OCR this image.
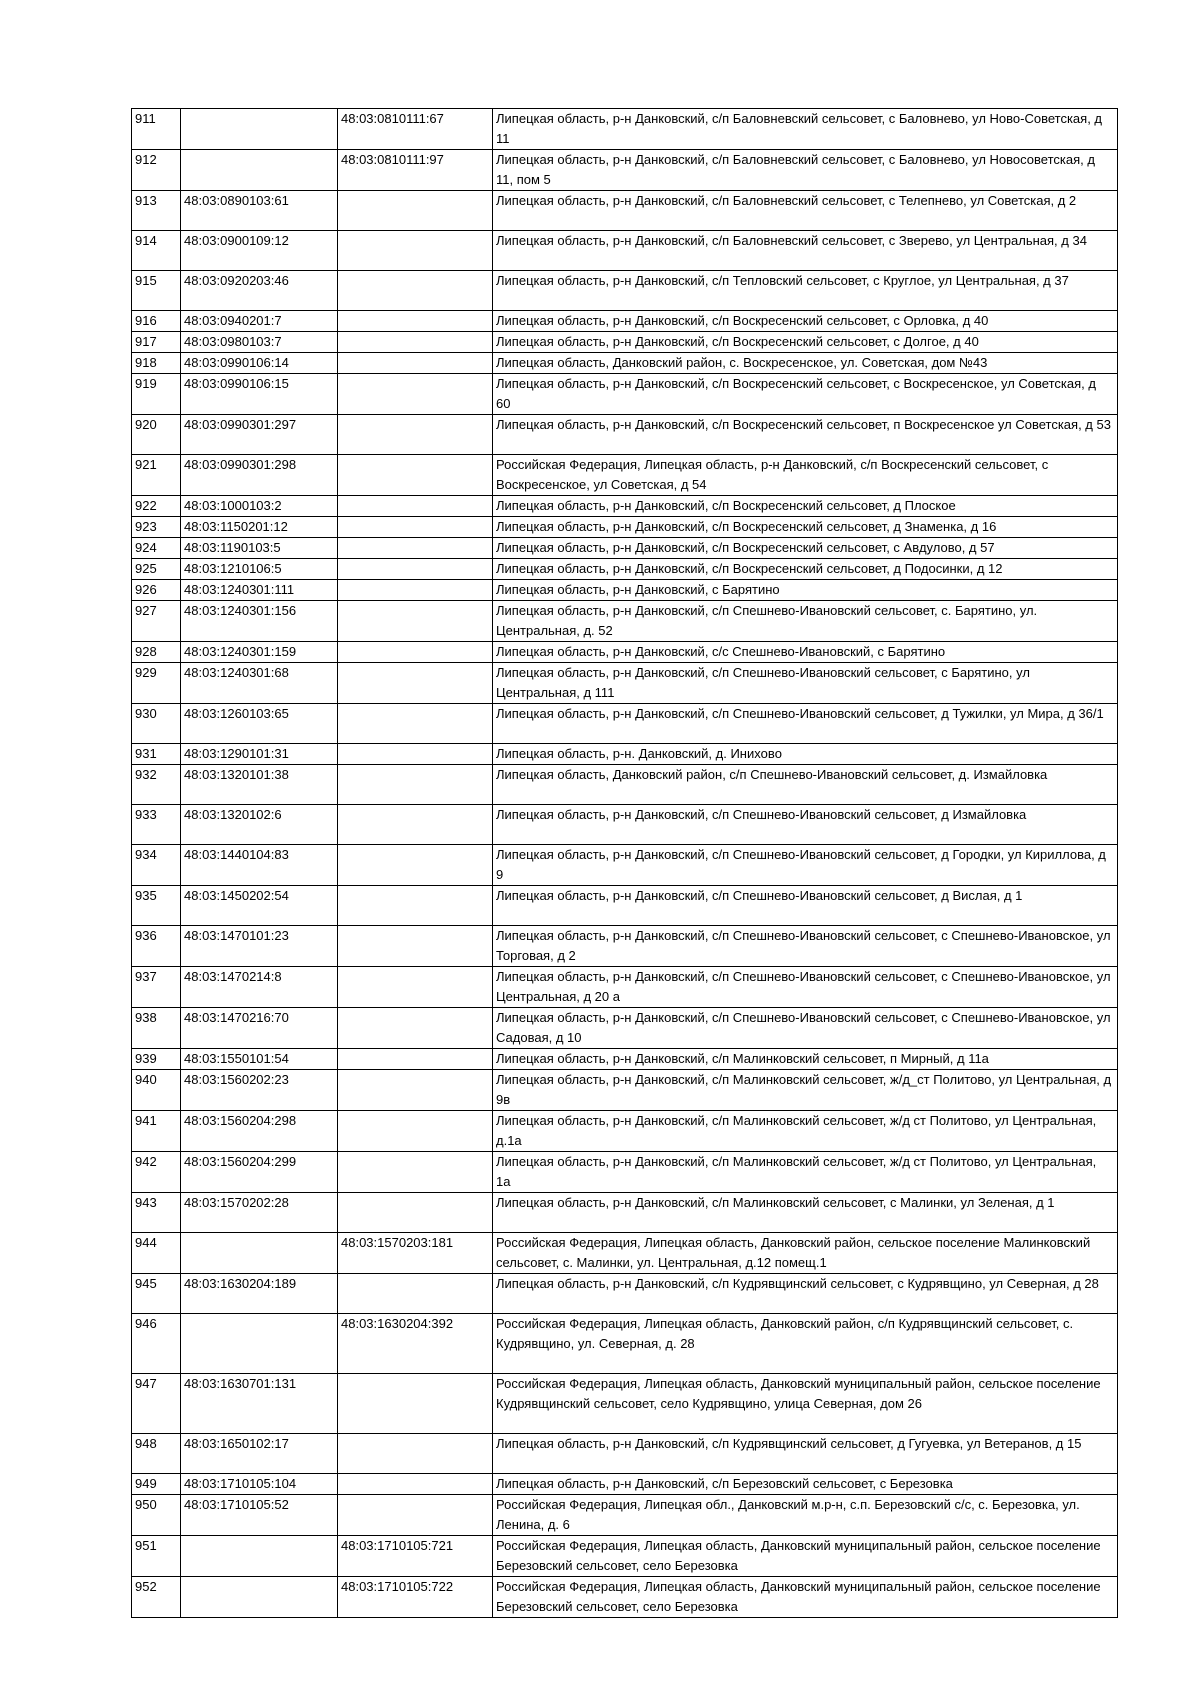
911		48:03:0810111:67	Липецкая область, р-н Данковский, с/п Баловневский сельсовет, с Баловнево, ул Ново-Советская, д 11
912		48:03:0810111:97	Липецкая область, р-н Данковский, с/п Баловневский сельсовет, с Баловнево, ул Новосоветская, д 11, пом 5
913	48:03:0890103:61		Липецкая область, р-н Данковский, с/п Баловневский сельсовет, с Телепнево, ул Советская, д 2
914	48:03:0900109:12		Липецкая область, р-н Данковский, с/п Баловневский сельсовет, с Зверево, ул Центральная, д 34
915	48:03:0920203:46		Липецкая область, р-н Данковский, с/п Тепловский сельсовет, с Круглое, ул Центральная, д 37
916	48:03:0940201:7		Липецкая область, р-н Данковский, с/п Воскресенский сельсовет, с Орловка, д 40
917	48:03:0980103:7		Липецкая область, р-н Данковский, с/п Воскресенский сельсовет, с Долгое, д 40
918	48:03:0990106:14		Липецкая область, Данковский район, с. Воскресенское, ул. Советская, дом №43
919	48:03:0990106:15		Липецкая область, р-н Данковский, с/п Воскресенский сельсовет, с Воскресенское, ул Советская, д 60
920	48:03:0990301:297		Липецкая область, р-н Данковский, с/п Воскресенский сельсовет, п Воскресенское ул Советская, д 53
921	48:03:0990301:298		Российская Федерация, Липецкая область, р-н Данковский, с/п Воскресенский сельсовет, с Воскресенское, ул Советская, д 54
922	48:03:1000103:2		Липецкая область, р-н Данковский, с/п Воскресенский сельсовет, д Плоское
923	48:03:1150201:12		Липецкая область, р-н Данковский, с/п Воскресенский сельсовет, д Знаменка, д 16
924	48:03:1190103:5		Липецкая область, р-н Данковский, с/п Воскресенский сельсовет, с Авдулово, д 57
925	48:03:1210106:5		Липецкая область, р-н Данковский, с/п Воскресенский сельсовет, д Подосинки, д 12
926	48:03:1240301:111		Липецкая область, р-н Данковский, с Барятино
927	48:03:1240301:156		Липецкая область, р-н Данковский, с/п Спешнево-Ивановский сельсовет, с. Барятино, ул. Центральная, д. 52
928	48:03:1240301:159		Липецкая область, р-н Данковский, с/с Спешнево-Ивановский, с Барятино
929	48:03:1240301:68		Липецкая область, р-н Данковский, с/п Спешнево-Ивановский сельсовет, с Барятино, ул Центральная, д 111
930	48:03:1260103:65		Липецкая область, р-н Данковский, с/п Спешнево-Ивановский сельсовет, д Тужилки, ул Мира, д 36/1
931	48:03:1290101:31		Липецкая область, р-н. Данковский, д. Иниховo
932	48:03:1320101:38		Липецкая область, Данковский район, с/п Спешнево-Ивановский сельсовет, д. Измайловка
933	48:03:1320102:6		Липецкая область, р-н Данковский, с/п Спешнево-Ивановский сельсовет, д Измайловка
934	48:03:1440104:83		Липецкая область, р-н Данковский, с/п Спешнево-Ивановский сельсовет, д Городки, ул Кириллова, д 9
935	48:03:1450202:54		Липецкая область, р-н Данковский, с/п Спешнево-Ивановский сельсовет, д Вислая, д 1
936	48:03:1470101:23		Липецкая область, р-н Данковский, с/п Спешнево-Ивановский сельсовет, с Спешнево-Ивановское, ул Торговая, д 2
937	48:03:1470214:8		Липецкая область, р-н Данковский, с/п Спешнево-Ивановский сельсовет, с Спешнево-Ивановское, ул Центральная, д 20 а
938	48:03:1470216:70		Липецкая область, р-н Данковский, с/п Спешнево-Ивановский сельсовет, с Спешнево-Ивановское, ул Садовая, д 10
939	48:03:1550101:54		Липецкая область, р-н Данковский, с/п Малинковский сельсовет, п Мирный, д 11а
940	48:03:1560202:23		Липецкая область, р-н Данковский, с/п Малинковский сельсовет, ж/д_ст Политово, ул Центральная, д 9в
941	48:03:1560204:298		Липецкая область, р-н Данковский, с/п Малинковский сельсовет, ж/д ст Политово, ул Центральная, д.1а
942	48:03:1560204:299		Липецкая область, р-н Данковский, с/п Малинковский сельсовет, ж/д ст Политово, ул Центральная, 1а
943	48:03:1570202:28		Липецкая область, р-н Данковский, с/п Малинковский сельсовет, с Малинки, ул Зеленая, д 1
944		48:03:1570203:181	Российская Федерация, Липецкая область, Данковский район, сельское поселение Малинковский сельсовет, с. Малинки, ул. Центральная, д.12 помещ.1
945	48:03:1630204:189		Липецкая область, р-н Данковский, с/п Кудрявщинский сельсовет, с Кудрявщино, ул Северная, д 28
946		48:03:1630204:392	Российская Федерация, Липецкая область, Данковский район, с/п Кудрявщинский сельсовет, с.
Кудрявщино, ул. Северная, д. 28
947	48:03:1630701:131		Российская Федерация, Липецкая область, Данковский муниципальный район, сельское поселение Кудрявщинский сельсовет, село Кудрявщино, улица Северная, дом 26
948	48:03:1650102:17		Липецкая область, р-н Данковский, с/п Кудрявщинский сельсовет, д Гугуевка, ул Ветеранов, д 15
949	48:03:1710105:104		Липецкая область, р-н Данковский, с/п Березовский сельсовет, с Березовка
950	48:03:1710105:52		Российская Федерация, Липецкая обл., Данковский м.р-н, с.п. Березовский с/с, с. Березовка, ул. Ленина, д. 6
951		48:03:1710105:721	Российская Федерация, Липецкая область, Данковский муниципальный район, сельское поселение Березовский сельсовет, село Березовка
952		48:03:1710105:722	Российская Федерация, Липецкая область, Данковский муниципальный район, сельское поселение Березовский сельсовет, село Березовка
